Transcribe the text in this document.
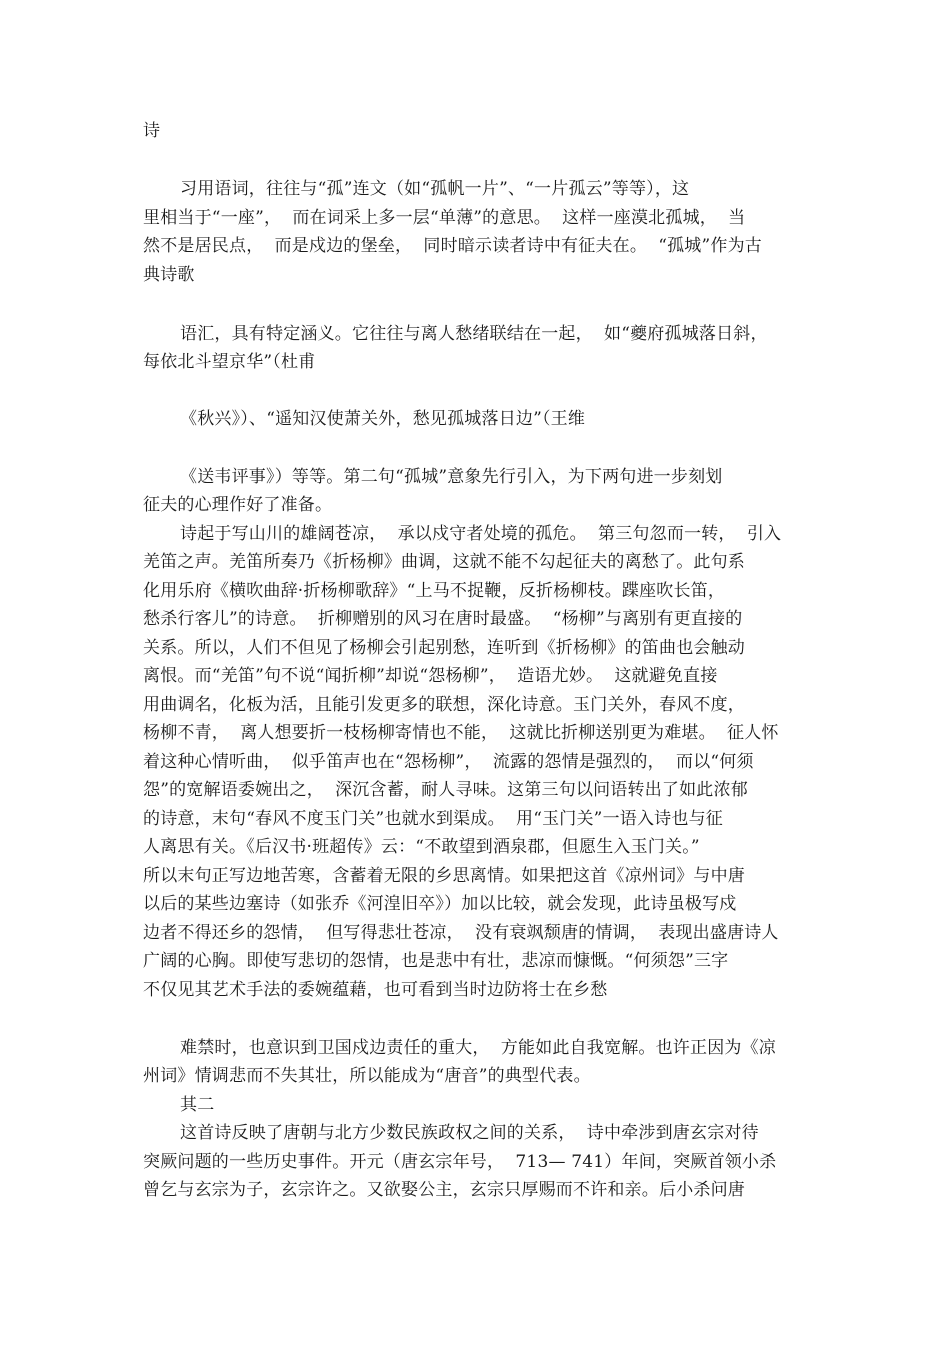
诗
习用语词，往往与“孤”连文（如“孤帆一片”、“一片孤云”等等），这
里相当于“一座”，  而在词采上多一层“单薄”的意思。  这样一座漠北孤城，  当
然不是居民点，  而是戍边的堡垒，  同时暗示读者诗中有征夫在。  “孤城”作为古
典诗歌
语汇，具有特定涵义。它往往与离人愁绪联结在一起，  如“夔府孤城落日斜，
每依北斗望京华”（杜甫
《秋兴》）、“遥知汉使萧关外，愁见孤城落日边”（王维
《送韦评事》）等等。第二句“孤城”意象先行引入，为下两句进一步刻划
征夫的心理作好了准备。
诗起于写山川的雄阔苍凉，  承以戍守者处境的孤危。  第三句忽而一转，  引入
羌笛之声。羌笛所奏乃《折杨柳》曲调，这就不能不勾起征夫的离愁了。此句系
化用乐府《横吹曲辞·折杨柳歌辞》“上马不捉鞭，反折杨柳枝。蹀座吹长笛，
愁杀行客儿”的诗意。  折柳赠别的风习在唐时最盛。  “杨柳”与离别有更直接的
关系。所以，人们不但见了杨柳会引起别愁，连听到《折杨柳》的笛曲也会触动
离恨。而“羌笛”句不说“闻折柳”却说“怨杨柳”，  造语尤妙。  这就避免直接
用曲调名，化板为活，且能引发更多的联想，深化诗意。玉门关外，春风不度，
杨柳不青，  离人想要折一枝杨柳寄情也不能，  这就比折柳送别更为难堪。  征人怀
着这种心情听曲，  似乎笛声也在“怨杨柳”，  流露的怨情是强烈的，  而以“何须
怨”的宽解语委婉出之，  深沉含蓄，耐人寻味。这第三句以问语转出了如此浓郁
的诗意，末句“春风不度玉门关”也就水到渠成。  用“玉门关”一语入诗也与征
人离思有关。《后汉书·班超传》云：“不敢望到酒泉郡，但愿生入玉门关。”
所以末句正写边地苦寒，含蓄着无限的乡思离情。如果把这首《凉州词》与中唐
以后的某些边塞诗（如张乔《河湟旧卒》）加以比较，就会发现，此诗虽极写戍
边者不得还乡的怨情，  但写得悲壮苍凉，  没有衰飒颓唐的情调，  表现出盛唐诗人
广阔的心胸。即使写悲切的怨情，也是悲中有壮，悲凉而慷慨。“何须怨”三字
不仅见其艺术手法的委婉蕴藉，也可看到当时边防将士在乡愁
难禁时，也意识到卫国戍边责任的重大，  方能如此自我宽解。也许正因为《凉
州词》情调悲而不失其壮，所以能成为“唐音”的典型代表。
其二
这首诗反映了唐朝与北方少数民族政权之间的关系，  诗中牵涉到唐玄宗对待
突厥问题的一些历史事件。开元（唐玄宗年号，  713— 741）年间，突厥首领小杀
曾乞与玄宗为子，玄宗许之。又欲娶公主，玄宗只厚赐而不许和亲。后小杀问唐
